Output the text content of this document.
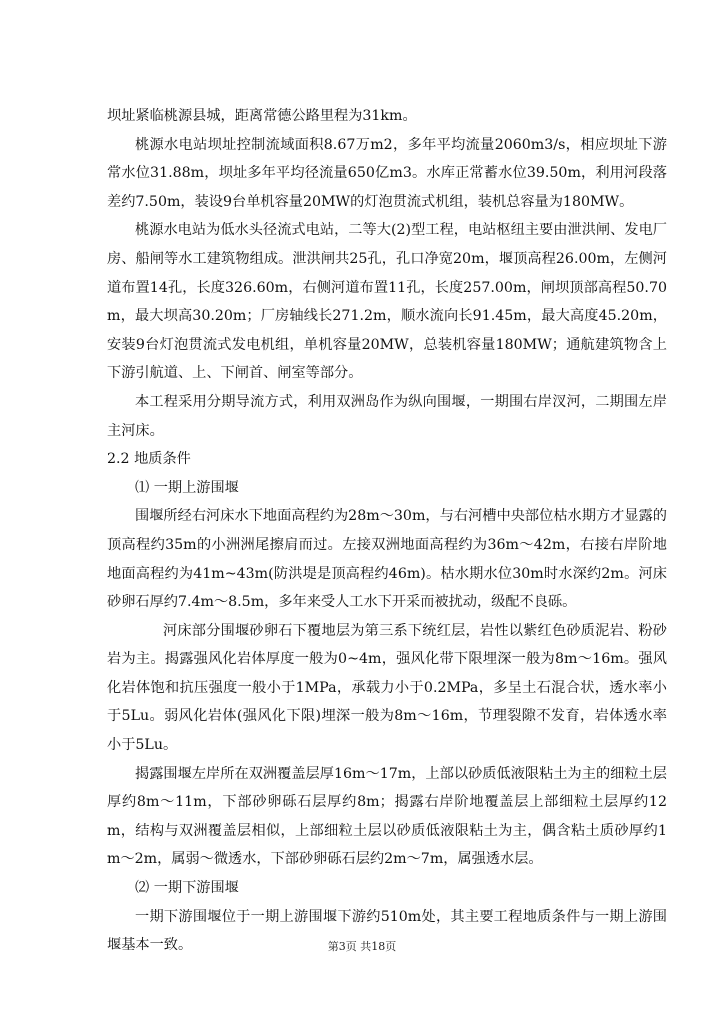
坝址紧临桃源县城，距离常德公路里程为31km。

桃源水电站坝址控制流域面积8.67万m2，多年平均流量2060m3/s，相应坝址下游常水位31.88m，坝址多年平均径流量650亿m3。水库正常蓄水位39.50m，利用河段落差约7.50m，装设9台单机容量20MW的灯泡贯流式机组，装机总容量为180MW。

桃源水电站为低水头径流式电站，二等大(2)型工程，电站枢纽主要由泄洪闸、发电厂房、船闸等水工建筑物组成。泄洪闸共25孔，孔口净宽20m，堰顶高程26.00m，左侧河道布置14孔，长度326.60m，右侧河道布置11孔，长度257.00m，闸坝顶部高程50.70m，最大坝高30.20m；厂房轴线长271.2m，顺水流向长91.45m，最大高度45.20m，安装9台灯泡贯流式发电机组，单机容量20MW，总装机容量180MW；通航建筑物含上下游引航道、上、下闸首、闸室等部分。

本工程采用分期导流方式，利用双洲岛作为纵向围堰，一期围右岸汊河，二期围左岸主河床。

2.2 地质条件

⑴ 一期上游围堰

围堰所经右河床水下地面高程约为28m～30m，与右河槽中央部位枯水期方才显露的顶高程约35m的小洲洲尾擦肩而过。左接双洲地面高程约为36m～42m，右接右岸阶地地面高程约为41m~43m(防洪堤是顶高程约46m)。枯水期水位30m时水深约2m。河床砂卵石厚约7.4m～8.5m，多年来受人工水下开采而被扰动，级配不良砾。

河床部分围堰砂卵石下覆地层为第三系下统红层，岩性以紫红色砂质泥岩、粉砂岩为主。揭露强风化岩体厚度一般为0~4m，强风化带下限埋深一般为8m～16m。强风化岩体饱和抗压强度一般小于1MPa，承载力小于0.2MPa，多呈土石混合状，透水率小于5Lu。弱风化岩体(强风化下限)埋深一般为8m～16m，节理裂隙不发育，岩体透水率小于5Lu。

揭露围堰左岸所在双洲覆盖层厚16m～17m，上部以砂质低液限粘土为主的细粒土层厚约8m～11m，下部砂卵砾石层厚约8m；揭露右岸阶地覆盖层上部细粒土层厚约12m，结构与双洲覆盖层相似，上部细粒土层以砂质低液限粘土为主，偶含粘土质砂厚约1m～2m，属弱～微透水，下部砂卵砾石层约2m～7m，属强透水层。

⑵ 一期下游围堰

一期下游围堰位于一期上游围堰下游约510m处，其主要工程地质条件与一期上游围堰基本一致。	第3页 共18页
